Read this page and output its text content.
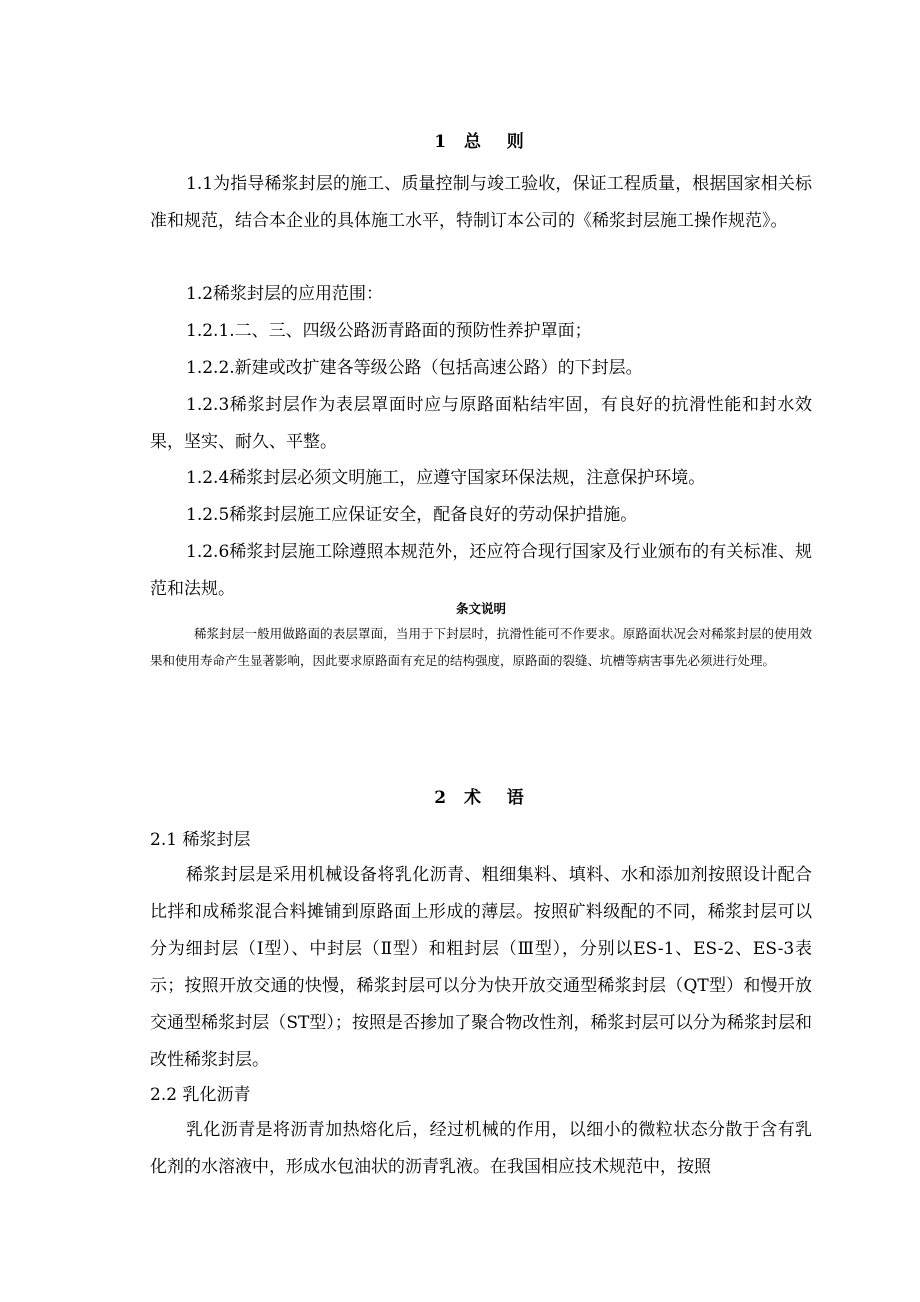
1  总   则
1.1为指导稀浆封层的施工、质量控制与竣工验收，保证工程质量，根据国家相关标准和规范，结合本企业的具体施工水平，特制订本公司的《稀浆封层施工操作规范》。
1.2稀浆封层的应用范围：
1.2.1.二、三、四级公路沥青路面的预防性养护罩面；
1.2.2.新建或改扩建各等级公路（包括高速公路）的下封层。
1.2.3稀浆封层作为表层罩面时应与原路面粘结牢固，有良好的抗滑性能和封水效果，坚实、耐久、平整。
1.2.4稀浆封层必须文明施工，应遵守国家环保法规，注意保护环境。
1.2.5稀浆封层施工应保证安全，配备良好的劳动保护措施。
1.2.6稀浆封层施工除遵照本规范外，还应符合现行国家及行业颁布的有关标准、规范和法规。
条文说明
稀浆封层一般用做路面的表层罩面，当用于下封层时，抗滑性能可不作要求。原路面状况会对稀浆封层的使用效果和使用寿命产生显著影响，因此要求原路面有充足的结构强度，原路面的裂缝、坑槽等病害事先必须进行处理。
2  术   语
2.1 稀浆封层
稀浆封层是采用机械设备将乳化沥青、粗细集料、填料、水和添加剂按照设计配合比拌和成稀浆混合料摊铺到原路面上形成的薄层。按照矿料级配的不同，稀浆封层可以分为细封层（Ⅰ型）、中封层（Ⅱ型）和粗封层（Ⅲ型），分别以ES-1、ES-2、ES-3表示；按照开放交通的快慢，稀浆封层可以分为快开放交通型稀浆封层（QT型）和慢开放交通型稀浆封层（ST型）；按照是否掺加了聚合物改性剂，稀浆封层可以分为稀浆封层和改性稀浆封层。
2.2 乳化沥青
乳化沥青是将沥青加热熔化后，经过机械的作用，以细小的微粒状态分散于含有乳化剂的水溶液中，形成水包油状的沥青乳液。在我国相应技术规范中，按照
